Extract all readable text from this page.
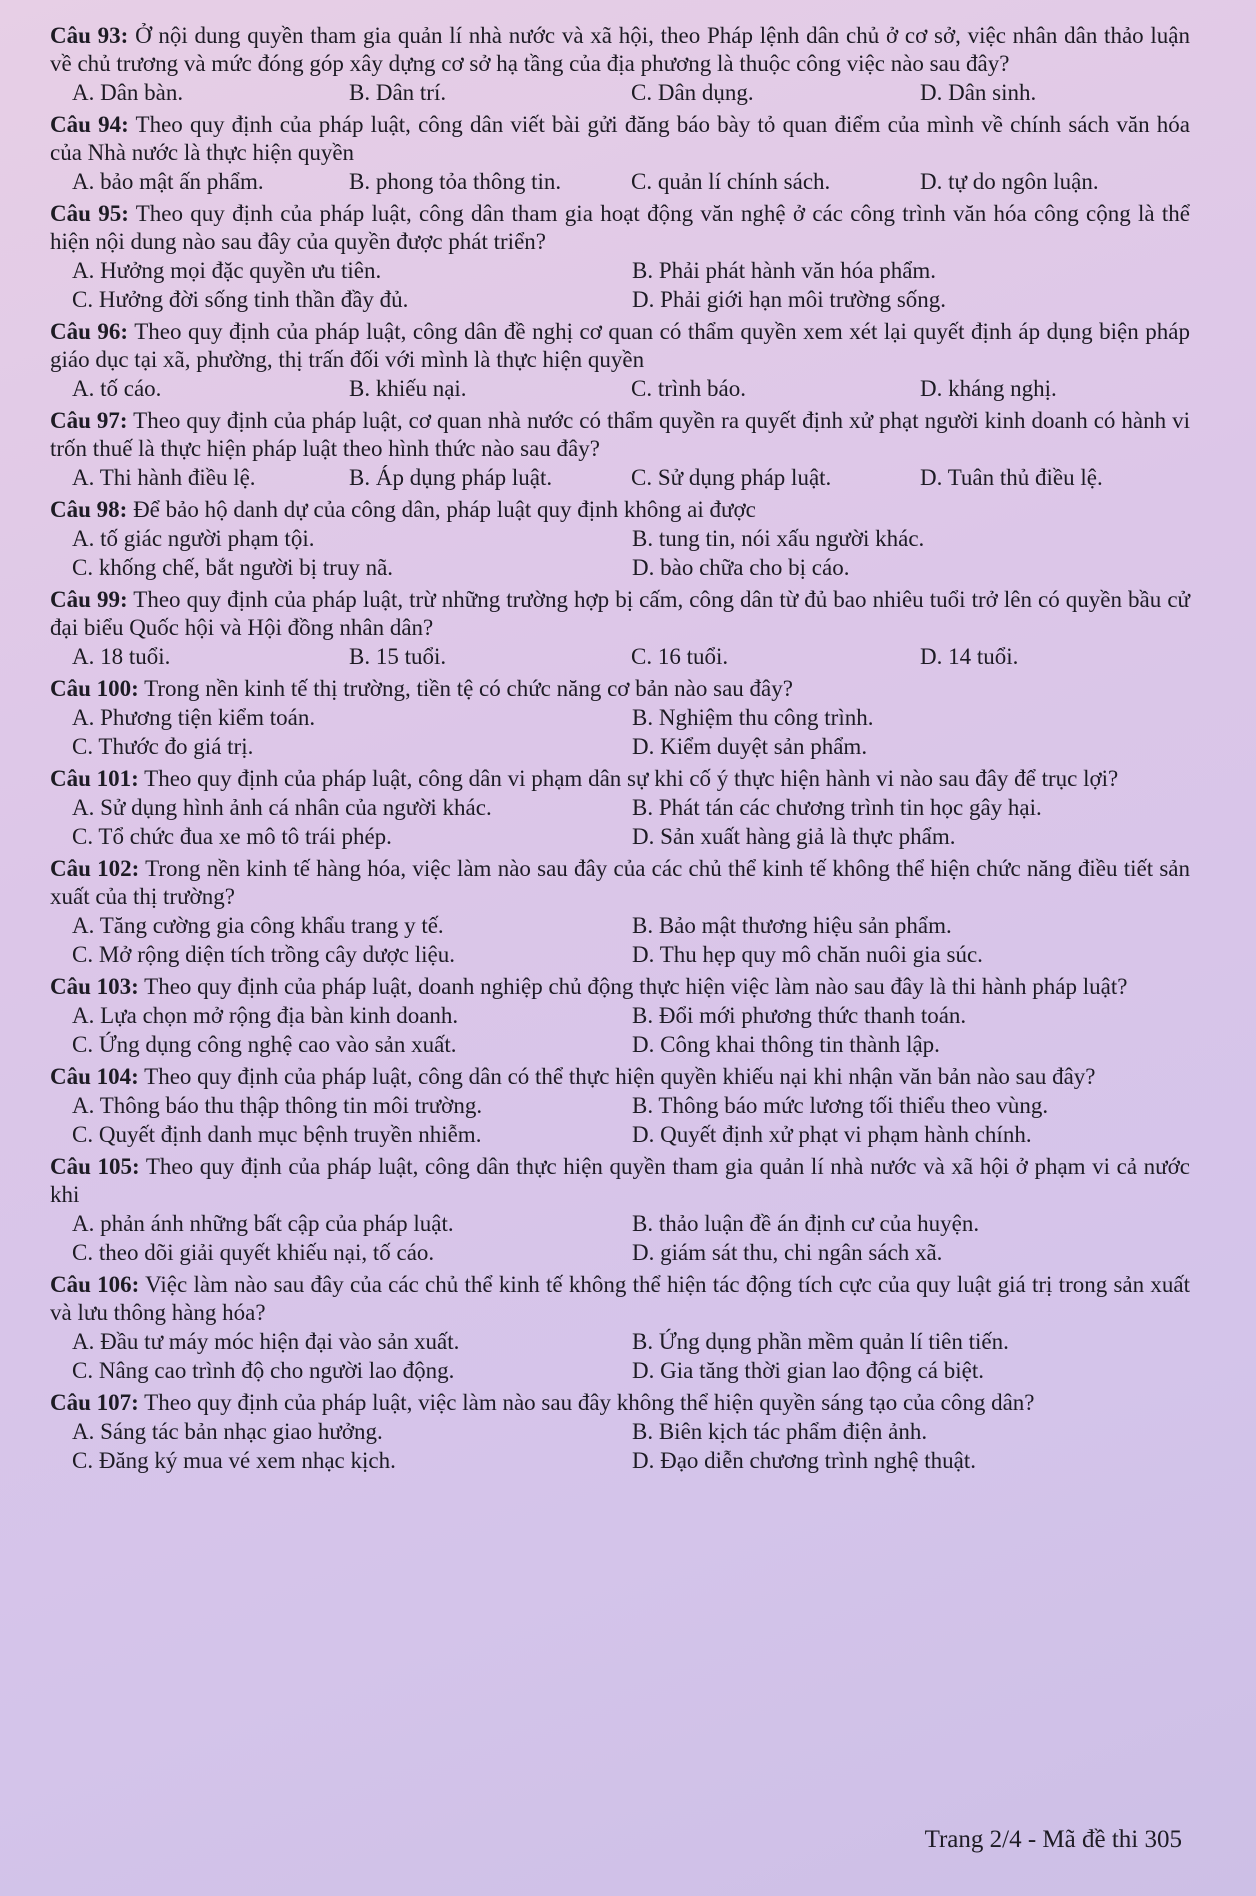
Câu 93: Ở nội dung quyền tham gia quản lí nhà nước và xã hội, theo Pháp lệnh dân chủ ở cơ sở, việc nhân dân thảo luận về chủ trương và mức đóng góp xây dựng cơ sở hạ tầng của địa phương là thuộc công việc nào sau đây?
A. Dân bàn.	B. Dân trí.	C. Dân dụng.	D. Dân sinh.
Câu 94: Theo quy định của pháp luật, công dân viết bài gửi đăng báo bày tỏ quan điểm của mình về chính sách văn hóa của Nhà nước là thực hiện quyền
A. bảo mật ấn phẩm.	B. phong tỏa thông tin.	C. quản lí chính sách.	D. tự do ngôn luận.
Câu 95: Theo quy định của pháp luật, công dân tham gia hoạt động văn nghệ ở các công trình văn hóa công cộng là thể hiện nội dung nào sau đây của quyền được phát triển?
A. Hưởng mọi đặc quyền ưu tiên.	B. Phải phát hành văn hóa phẩm.
C. Hưởng đời sống tinh thần đầy đủ.	D. Phải giới hạn môi trường sống.
Câu 96: Theo quy định của pháp luật, công dân đề nghị cơ quan có thẩm quyền xem xét lại quyết định áp dụng biện pháp giáo dục tại xã, phường, thị trấn đối với mình là thực hiện quyền
A. tố cáo.	B. khiếu nại.	C. trình báo.	D. kháng nghị.
Câu 97: Theo quy định của pháp luật, cơ quan nhà nước có thẩm quyền ra quyết định xử phạt người kinh doanh có hành vi trốn thuế là thực hiện pháp luật theo hình thức nào sau đây?
A. Thi hành điều lệ.	B. Áp dụng pháp luật.	C. Sử dụng pháp luật.	D. Tuân thủ điều lệ.
Câu 98: Để bảo hộ danh dự của công dân, pháp luật quy định không ai được
A. tố giác người phạm tội.	B. tung tin, nói xấu người khác.
C. khống chế, bắt người bị truy nã.	D. bào chữa cho bị cáo.
Câu 99: Theo quy định của pháp luật, trừ những trường hợp bị cấm, công dân từ đủ bao nhiêu tuổi trở lên có quyền bầu cử đại biểu Quốc hội và Hội đồng nhân dân?
A. 18 tuổi.	B. 15 tuổi.	C. 16 tuổi.	D. 14 tuổi.
Câu 100: Trong nền kinh tế thị trường, tiền tệ có chức năng cơ bản nào sau đây?
A. Phương tiện kiểm toán.	B. Nghiệm thu công trình.
C. Thước đo giá trị.	D. Kiểm duyệt sản phẩm.
Câu 101: Theo quy định của pháp luật, công dân vi phạm dân sự khi cố ý thực hiện hành vi nào sau đây để trục lợi?
A. Sử dụng hình ảnh cá nhân của người khác.	B. Phát tán các chương trình tin học gây hại.
C. Tổ chức đua xe mô tô trái phép.	D. Sản xuất hàng giả là thực phẩm.
Câu 102: Trong nền kinh tế hàng hóa, việc làm nào sau đây của các chủ thể kinh tế không thể hiện chức năng điều tiết sản xuất của thị trường?
A. Tăng cường gia công khẩu trang y tế.	B. Bảo mật thương hiệu sản phẩm.
C. Mở rộng diện tích trồng cây dược liệu.	D. Thu hẹp quy mô chăn nuôi gia súc.
Câu 103: Theo quy định của pháp luật, doanh nghiệp chủ động thực hiện việc làm nào sau đây là thi hành pháp luật?
A. Lựa chọn mở rộng địa bàn kinh doanh.	B. Đổi mới phương thức thanh toán.
C. Ứng dụng công nghệ cao vào sản xuất.	D. Công khai thông tin thành lập.
Câu 104: Theo quy định của pháp luật, công dân có thể thực hiện quyền khiếu nại khi nhận văn bản nào sau đây?
A. Thông báo thu thập thông tin môi trường.	B. Thông báo mức lương tối thiểu theo vùng.
C. Quyết định danh mục bệnh truyền nhiễm.	D. Quyết định xử phạt vi phạm hành chính.
Câu 105: Theo quy định của pháp luật, công dân thực hiện quyền tham gia quản lí nhà nước và xã hội ở phạm vi cả nước khi
A. phản ánh những bất cập của pháp luật.	B. thảo luận đề án định cư của huyện.
C. theo dõi giải quyết khiếu nại, tố cáo.	D. giám sát thu, chi ngân sách xã.
Câu 106: Việc làm nào sau đây của các chủ thể kinh tế không thể hiện tác động tích cực của quy luật giá trị trong sản xuất và lưu thông hàng hóa?
A. Đầu tư máy móc hiện đại vào sản xuất.	B. Ứng dụng phần mềm quản lí tiên tiến.
C. Nâng cao trình độ cho người lao động.	D. Gia tăng thời gian lao động cá biệt.
Câu 107: Theo quy định của pháp luật, việc làm nào sau đây không thể hiện quyền sáng tạo của công dân?
A. Sáng tác bản nhạc giao hưởng.	B. Biên kịch tác phẩm điện ảnh.
C. Đăng ký mua vé xem nhạc kịch.	D. Đạo diễn chương trình nghệ thuật.
Trang 2/4 - Mã đề thi 305
